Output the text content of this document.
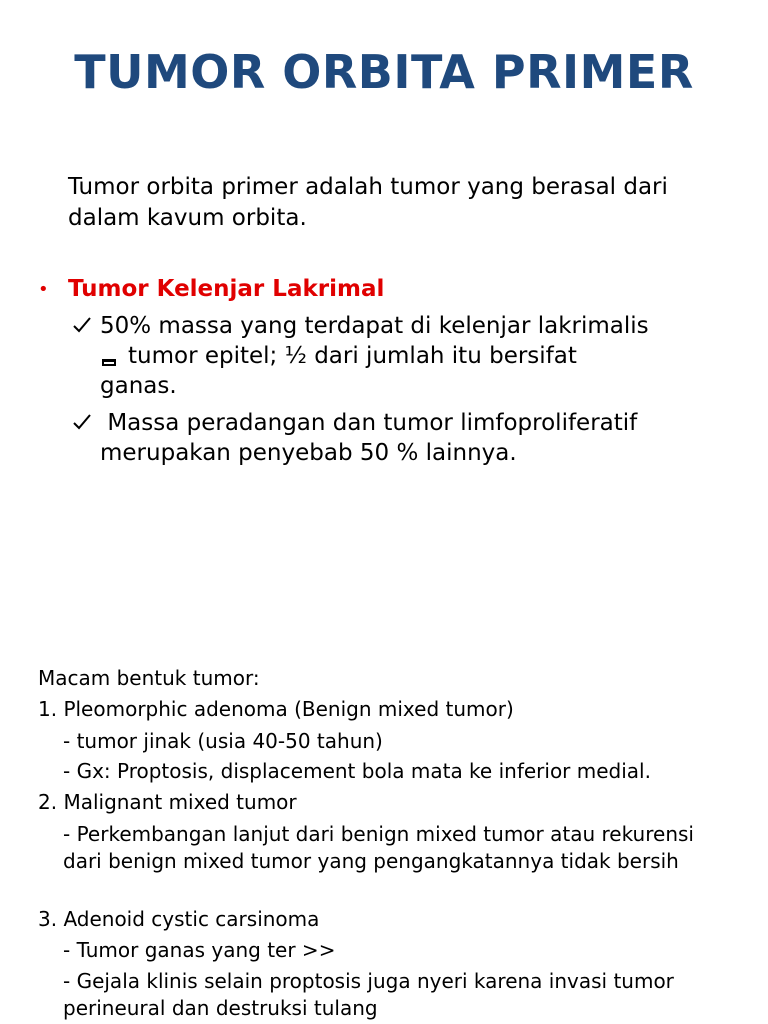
TUMOR ORBITA PRIMER
Tumor orbita primer adalah tumor yang berasal dari dalam kavum orbita.
• Tumor Kelenjar Lakrimal
50% massa yang terdapat di kelenjar lakrimalis
tumor epitel; ½ dari jumlah itu bersifat
ganas.
Massa peradangan dan tumor limfoproliferatif merupakan penyebab 50 % lainnya.
Macam bentuk tumor:
1. Pleomorphic adenoma (Benign mixed tumor)
- tumor jinak (usia 40-50 tahun)
- Gx: Proptosis, displacement bola mata ke inferior medial.
2. Malignant mixed tumor
- Perkembangan lanjut dari benign mixed tumor atau rekurensi dari benign mixed tumor yang pengangkatannya tidak bersih
3. Adenoid cystic carsinoma
- Tumor ganas yang ter >>
- Gejala klinis selain proptosis juga nyeri karena invasi tumor perineural dan destruksi tulang
